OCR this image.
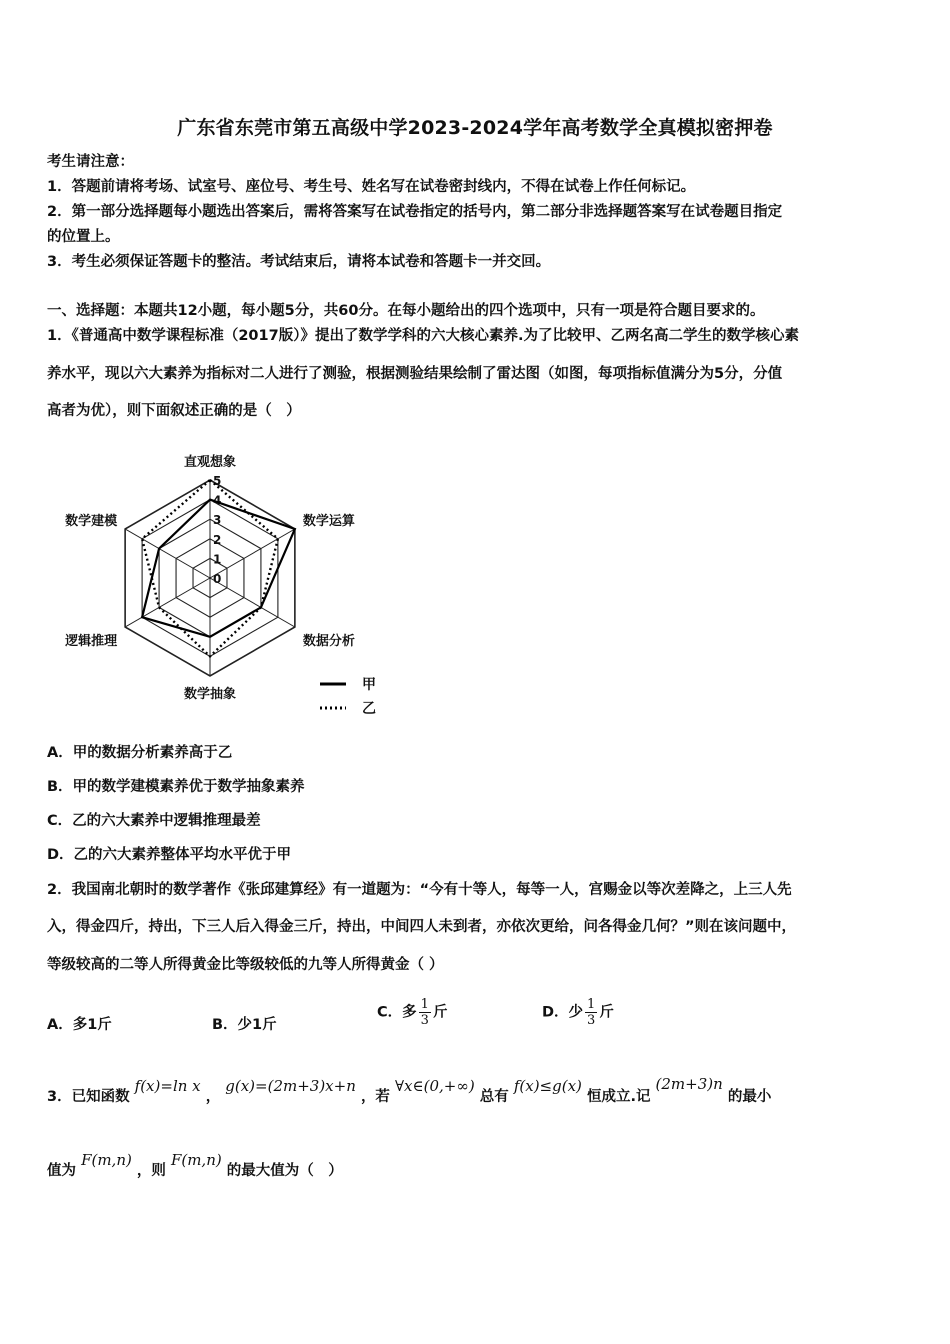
广东省东莞市第五高级中学2023-2024学年高考数学全真模拟密押卷
考生请注意：
1．答题前请将考场、试室号、座位号、考生号、姓名写在试卷密封线内，不得在试卷上作任何标记。
2．第一部分选择题每小题选出答案后，需将答案写在试卷指定的括号内，第二部分非选择题答案写在试卷题目指定
的位置上。
3．考生必须保证答题卡的整洁。考试结束后，请将本试卷和答题卡一并交回。
一、选择题：本题共12小题，每小题5分，共60分。在每小题给出的四个选项中，只有一项是符合题目要求的。
1．《普通高中数学课程标准（2017版）》提出了数学学科的六大核心素养.为了比较甲、乙两名高二学生的数学核心素
养水平，现以六大素养为指标对二人进行了测验，根据测验结果绘制了雷达图（如图，每项指标值满分为5分，分值
高者为优），则下面叙述正确的是（　）
0
1
2
3
4
5
直观想象
数学运算
数据分析
数学抽象
逻辑推理
数学建模
甲
乙
A．甲的数据分析素养高于乙
B．甲的数学建模素养优于数学抽象素养
C．乙的六大素养中逻辑推理最差
D．乙的六大素养整体平均水平优于甲
2．我国南北朝时的数学著作《张邱建算经》有一道题为：“今有十等人，每等一人，宫赐金以等次差降之，上三人先
入，得金四斤，持出，下三人后入得金三斤，持出，中间四人未到者，亦依次更给，问各得金几何？”则在该问题中，
等级较高的二等人所得黄金比等级较低的九等人所得黄金（ ）
A．多1斤	B．少1斤
C．多 $\frac{1}{3}$ 斤	D．少 $\frac{1}{3}$ 斤
3．已知函数 f(x)=ln x ， g(x)=(2m+3)x+n ，若 ∀x∈(0,+∞) 总有 f(x)≤g(x) 恒成立.记 (2m+3)n 的最小
值为 F(m,n) ，则 F(m,n) 的最大值为（　）
